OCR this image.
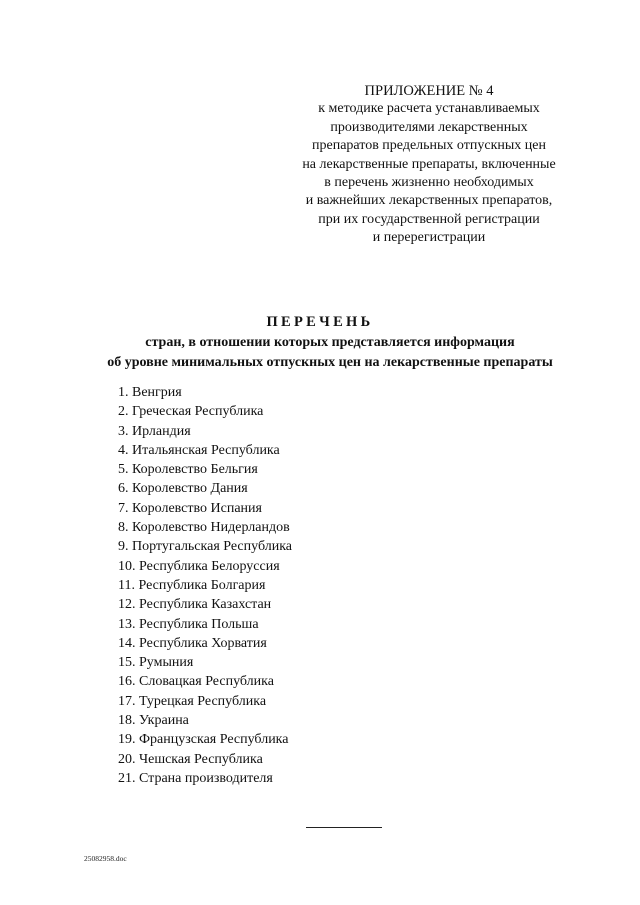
ПРИЛОЖЕНИЕ № 4
к методике расчета устанавливаемых
производителями лекарственных
препаратов предельных отпускных цен
на лекарственные препараты, включенные
в перечень жизненно необходимых
и важнейших лекарственных препаратов,
при их государственной регистрации
и перерегистрации
ПЕРЕЧЕНЬ
стран, в отношении которых представляется информация
об уровне минимальных отпускных цен на лекарственные препараты
1. Венгрия
2. Греческая Республика
3. Ирландия
4. Итальянская Республика
5. Королевство Бельгия
6. Королевство Дания
7. Королевство Испания
8. Королевство Нидерландов
9. Португальская Республика
10. Республика Белоруссия
11. Республика Болгария
12. Республика Казахстан
13. Республика Польша
14. Республика Хорватия
15. Румыния
16. Словацкая Республика
17. Турецкая Республика
18. Украина
19. Французская Республика
20. Чешская Республика
21. Страна производителя
25082958.doc
